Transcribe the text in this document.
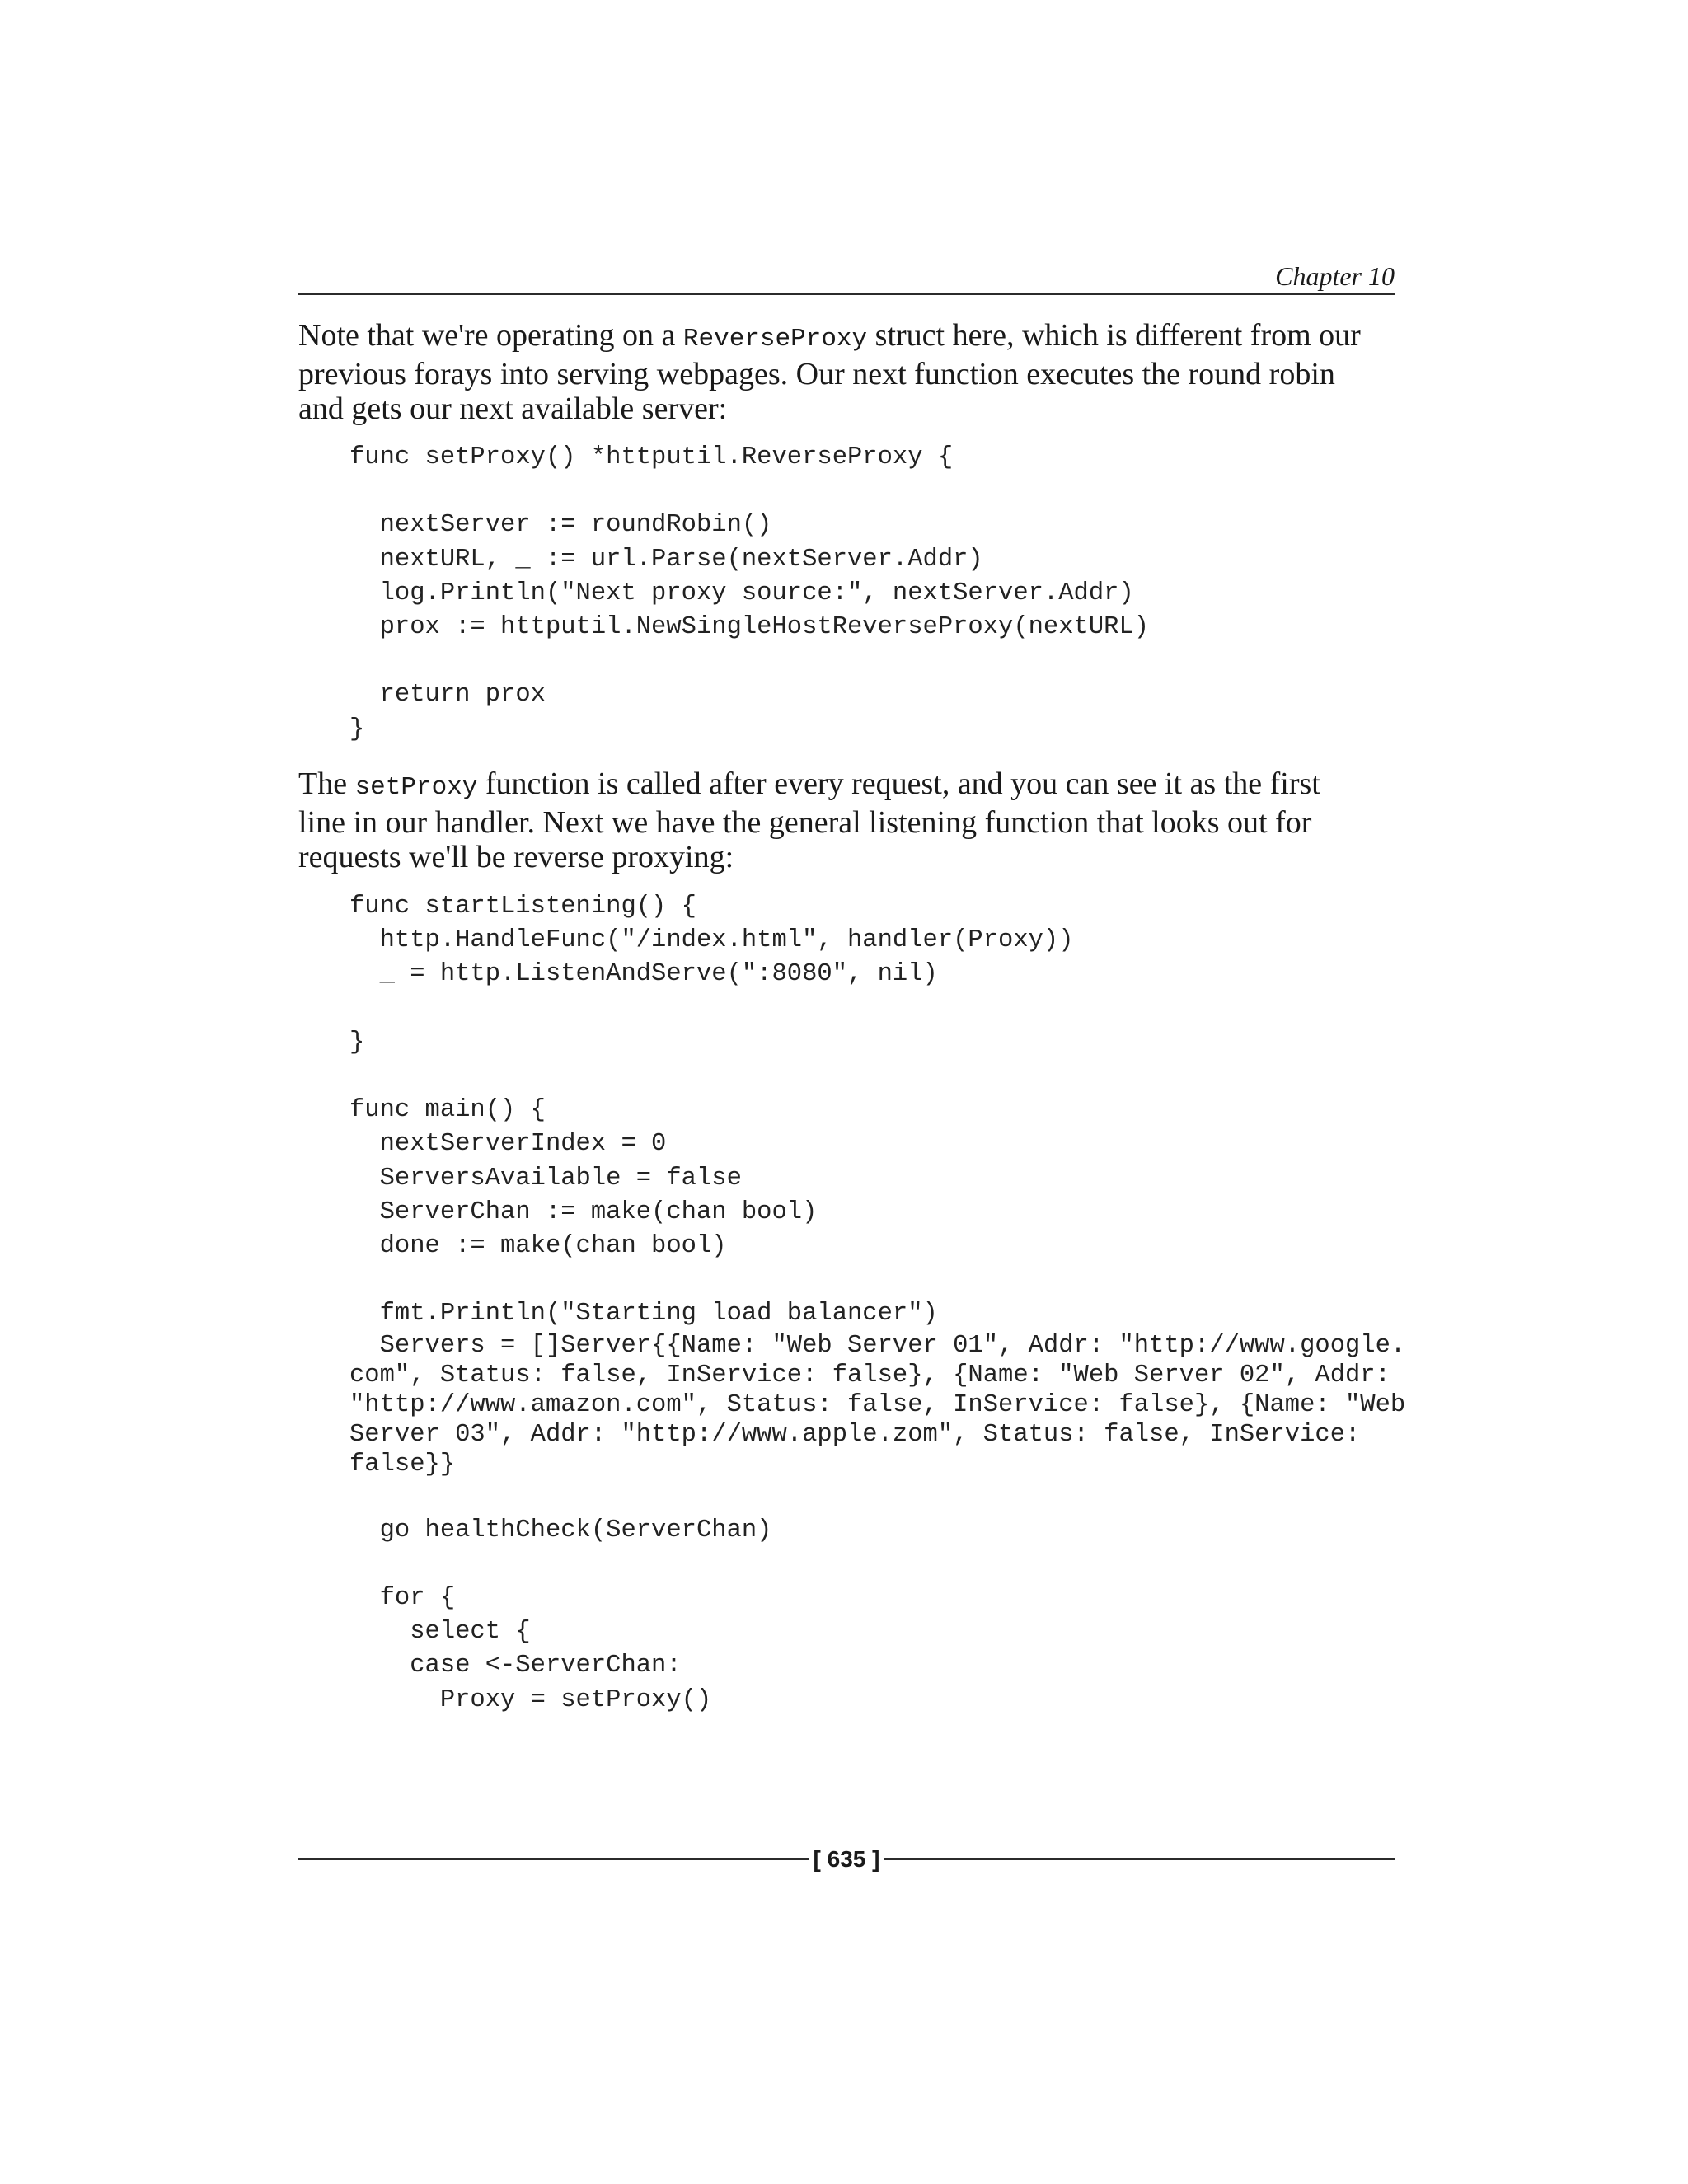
Chapter 10

Note that we're operating on a ReverseProxy struct here, which is different from our
previous forays into serving webpages. Our next function executes the round robin
and gets our next available server:

func setProxy() *httputil.ReverseProxy {
nextServer := roundRobin()
nextURL, _ := url.Parse(nextServer.Addr)
log.Println("Next proxy source:", nextServer.Addr)
prox := httputil.NewSingleHostReverseProxy(nextURL)
return prox
}

The setProxy function is called after every request, and you can see it as the first
line in our handler. Next we have the general listening function that looks out for
requests we'll be reverse proxying:

func startListening() {
http.HandleFunc("/index.html", handler(Proxy))
_ = http.ListenAndServe(":8080", nil)
}
func main() {
nextServerIndex = 0
ServersAvailable = false
ServerChan := make(chan bool)
done := make(chan bool)
fmt.Println("Starting load balancer")
Servers = []Server{{Name: "Web Server 01", Addr: "http://www.google.
com", Status: false, InService: false}, {Name: "Web Server 02", Addr:
"http://www.amazon.com", Status: false, InService: false}, {Name: "Web
Server 03", Addr: "http://www.apple.zom", Status: false, InService:
false}}
go healthCheck(ServerChan)
for {
select {
case <-ServerChan:
Proxy = setProxy()
[ 635 ]
